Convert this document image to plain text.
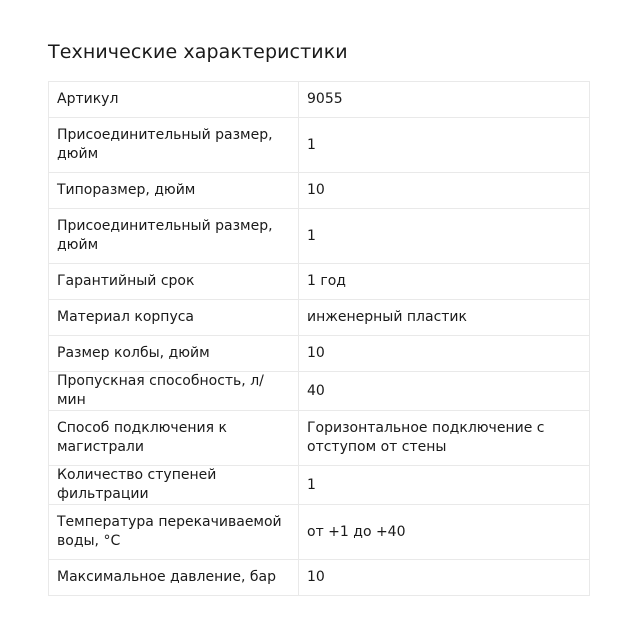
Технические характеристики
Артикул	9055
Присоединительный размер, дюйм	1
Типоразмер, дюйм	10
Присоединительный размер, дюйм	1
Гарантийный срок	1 год
Материал корпуса	инженерный пластик
Размер колбы, дюйм	10
Пропускная способность, л/мин	40
Способ подключения к магистрали	Горизонтальное подключение с отступом от стены
Количество ступеней фильтрации	1
Температура перекачиваемой воды, °С	от +1 до +40
Максимальное давление, бар	10
